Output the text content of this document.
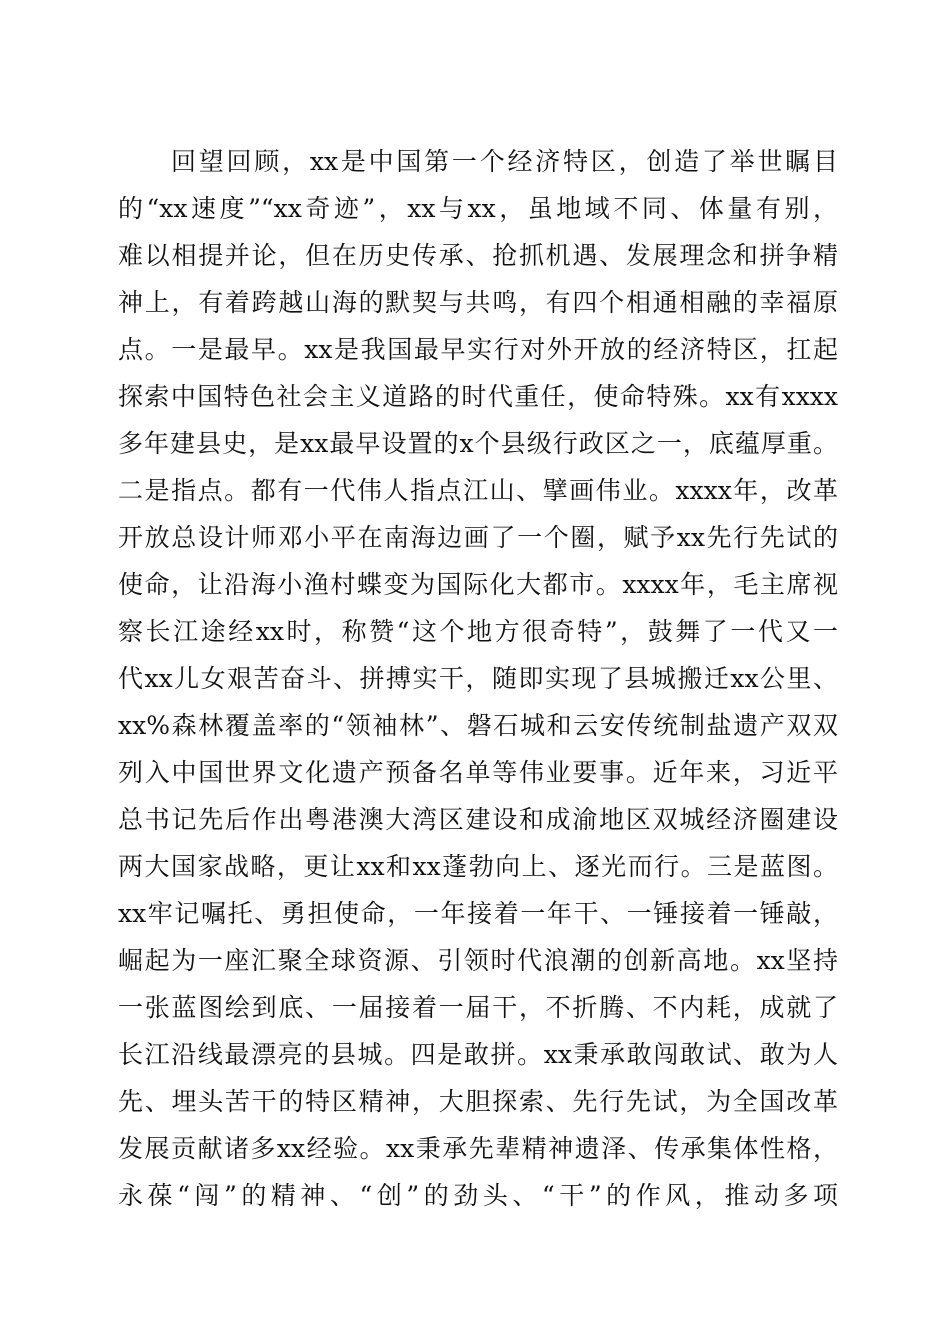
回望回顾，xx是中国第一个经济特区，创造了举世瞩目
的“xx速度”“xx奇迹”，xx与xx，虽地域不同、体量有别，
难以相提并论，但在历史传承、抢抓机遇、发展理念和拼争精
神上，有着跨越山海的默契与共鸣，有四个相通相融的幸福原
点。一是最早。xx是我国最早实行对外开放的经济特区，扛起
探索中国特色社会主义道路的时代重任，使命特殊。xx有xxxx
多年建县史，是xx最早设置的x个县级行政区之一，底蕴厚重。
二是指点。都有一代伟人指点江山、擘画伟业。xxxx年，改革
开放总设计师邓小平在南海边画了一个圈，赋予xx先行先试的
使命，让沿海小渔村蝶变为国际化大都市。xxxx年，毛主席视
察长江途经xx时，称赞“这个地方很奇特”，鼓舞了一代又一
代xx儿女艰苦奋斗、拼搏实干，随即实现了县城搬迁xx公里、
xx%森林覆盖率的“领袖林”、磐石城和云安传统制盐遗产双双
列入中国世界文化遗产预备名单等伟业要事。近年来，习近平
总书记先后作出粤港澳大湾区建设和成渝地区双城经济圈建设
两大国家战略，更让xx和xx蓬勃向上、逐光而行。三是蓝图。
xx牢记嘱托、勇担使命，一年接着一年干、一锤接着一锤敲，
崛起为一座汇聚全球资源、引领时代浪潮的创新高地。xx坚持
一张蓝图绘到底、一届接着一届干，不折腾、不内耗，成就了
长江沿线最漂亮的县城。四是敢拼。xx秉承敢闯敢试、敢为人
先、埋头苦干的特区精神，大胆探索、先行先试，为全国改革
发展贡献诸多xx经验。xx秉承先辈精神遗泽、传承集体性格，
永葆“闯”的精神、“创”的劲头、“干”的作风，推动多项
